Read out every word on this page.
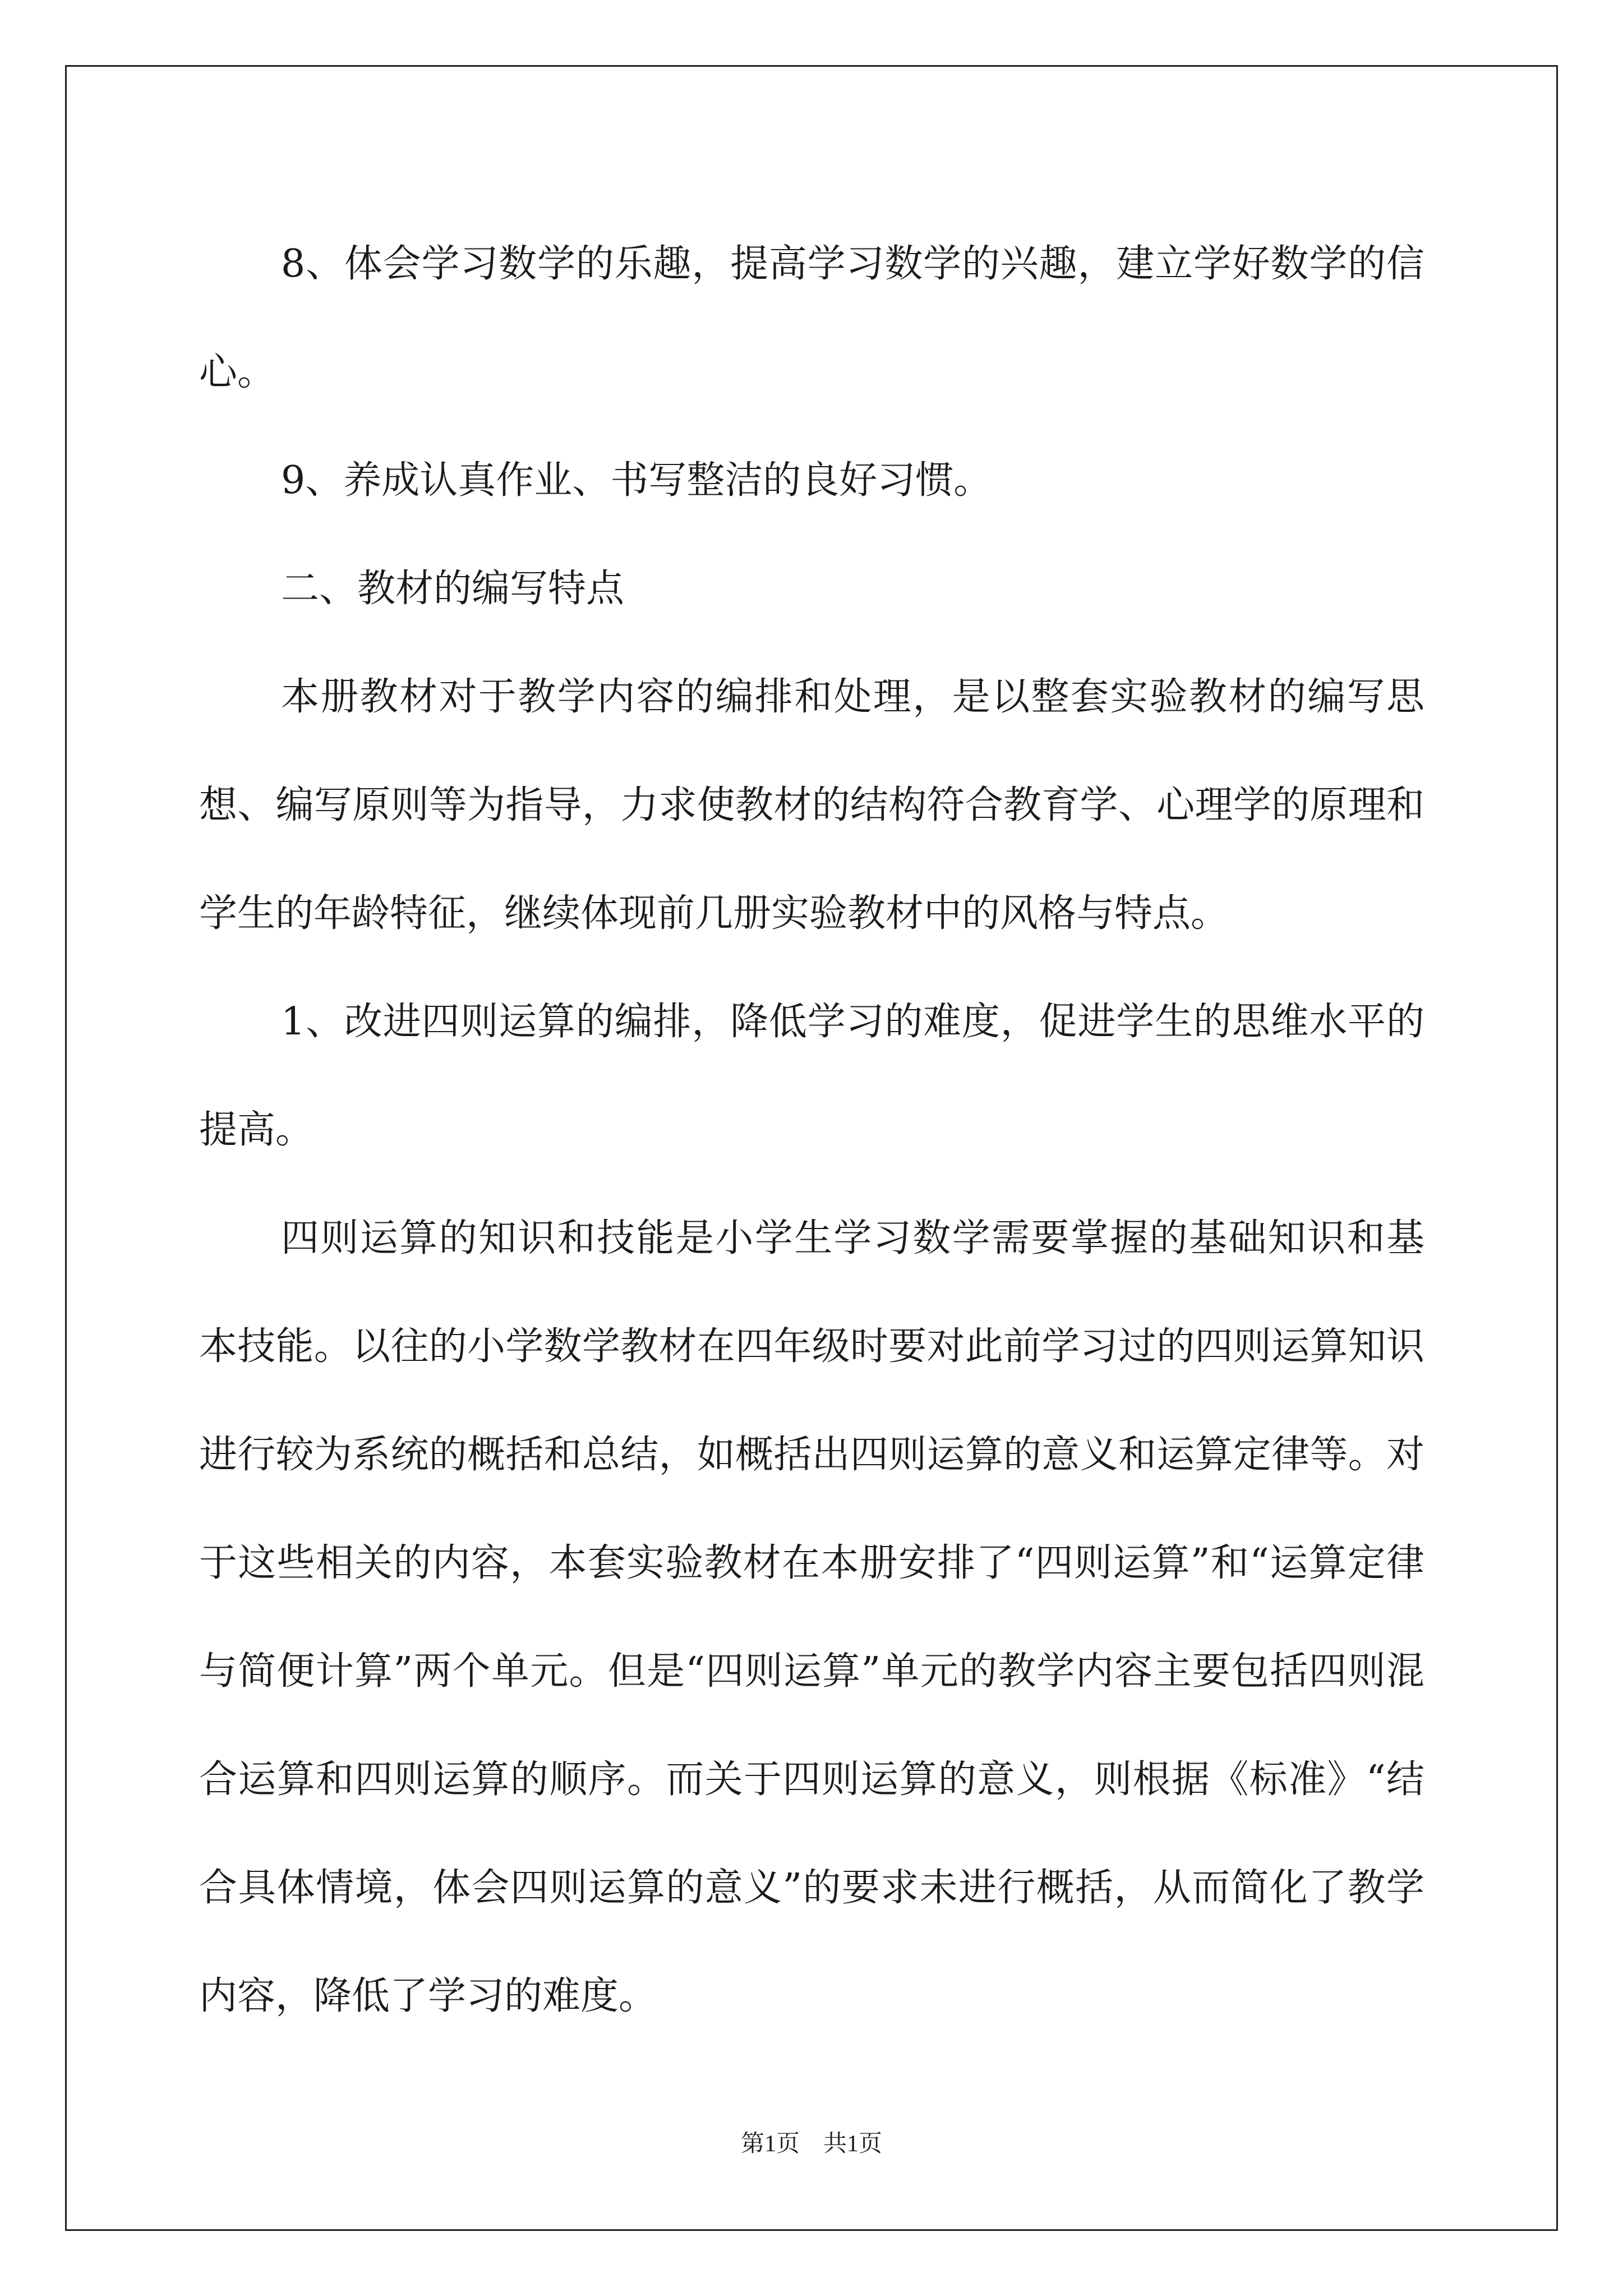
8、体会学习数学的乐趣，提高学习数学的兴趣，建立学好数学的信心。

9、养成认真作业、书写整洁的良好习惯。

二、教材的编写特点

本册教材对于教学内容的编排和处理，是以整套实验教材的编写思想、编写原则等为指导，力求使教材的结构符合教育学、心理学的原理和学生的年龄特征，继续体现前几册实验教材中的风格与特点。

1、改进四则运算的编排，降低学习的难度，促进学生的思维水平的提高。

四则运算的知识和技能是小学生学习数学需要掌握的基础知识和基本技能。以往的小学数学教材在四年级时要对此前学习过的四则运算知识进行较为系统的概括和总结，如概括出四则运算的意义和运算定律等。对于这些相关的内容，本套实验教材在本册安排了“四则运算”和“运算定律与简便计算”两个单元。但是“四则运算”单元的教学内容主要包括四则混合运算和四则运算的顺序。而关于四则运算的意义，则根据《标准》“结合具体情境，体会四则运算的意义”的要求未进行概括，从而简化了教学内容，降低了学习的难度。

第1页　共1页
